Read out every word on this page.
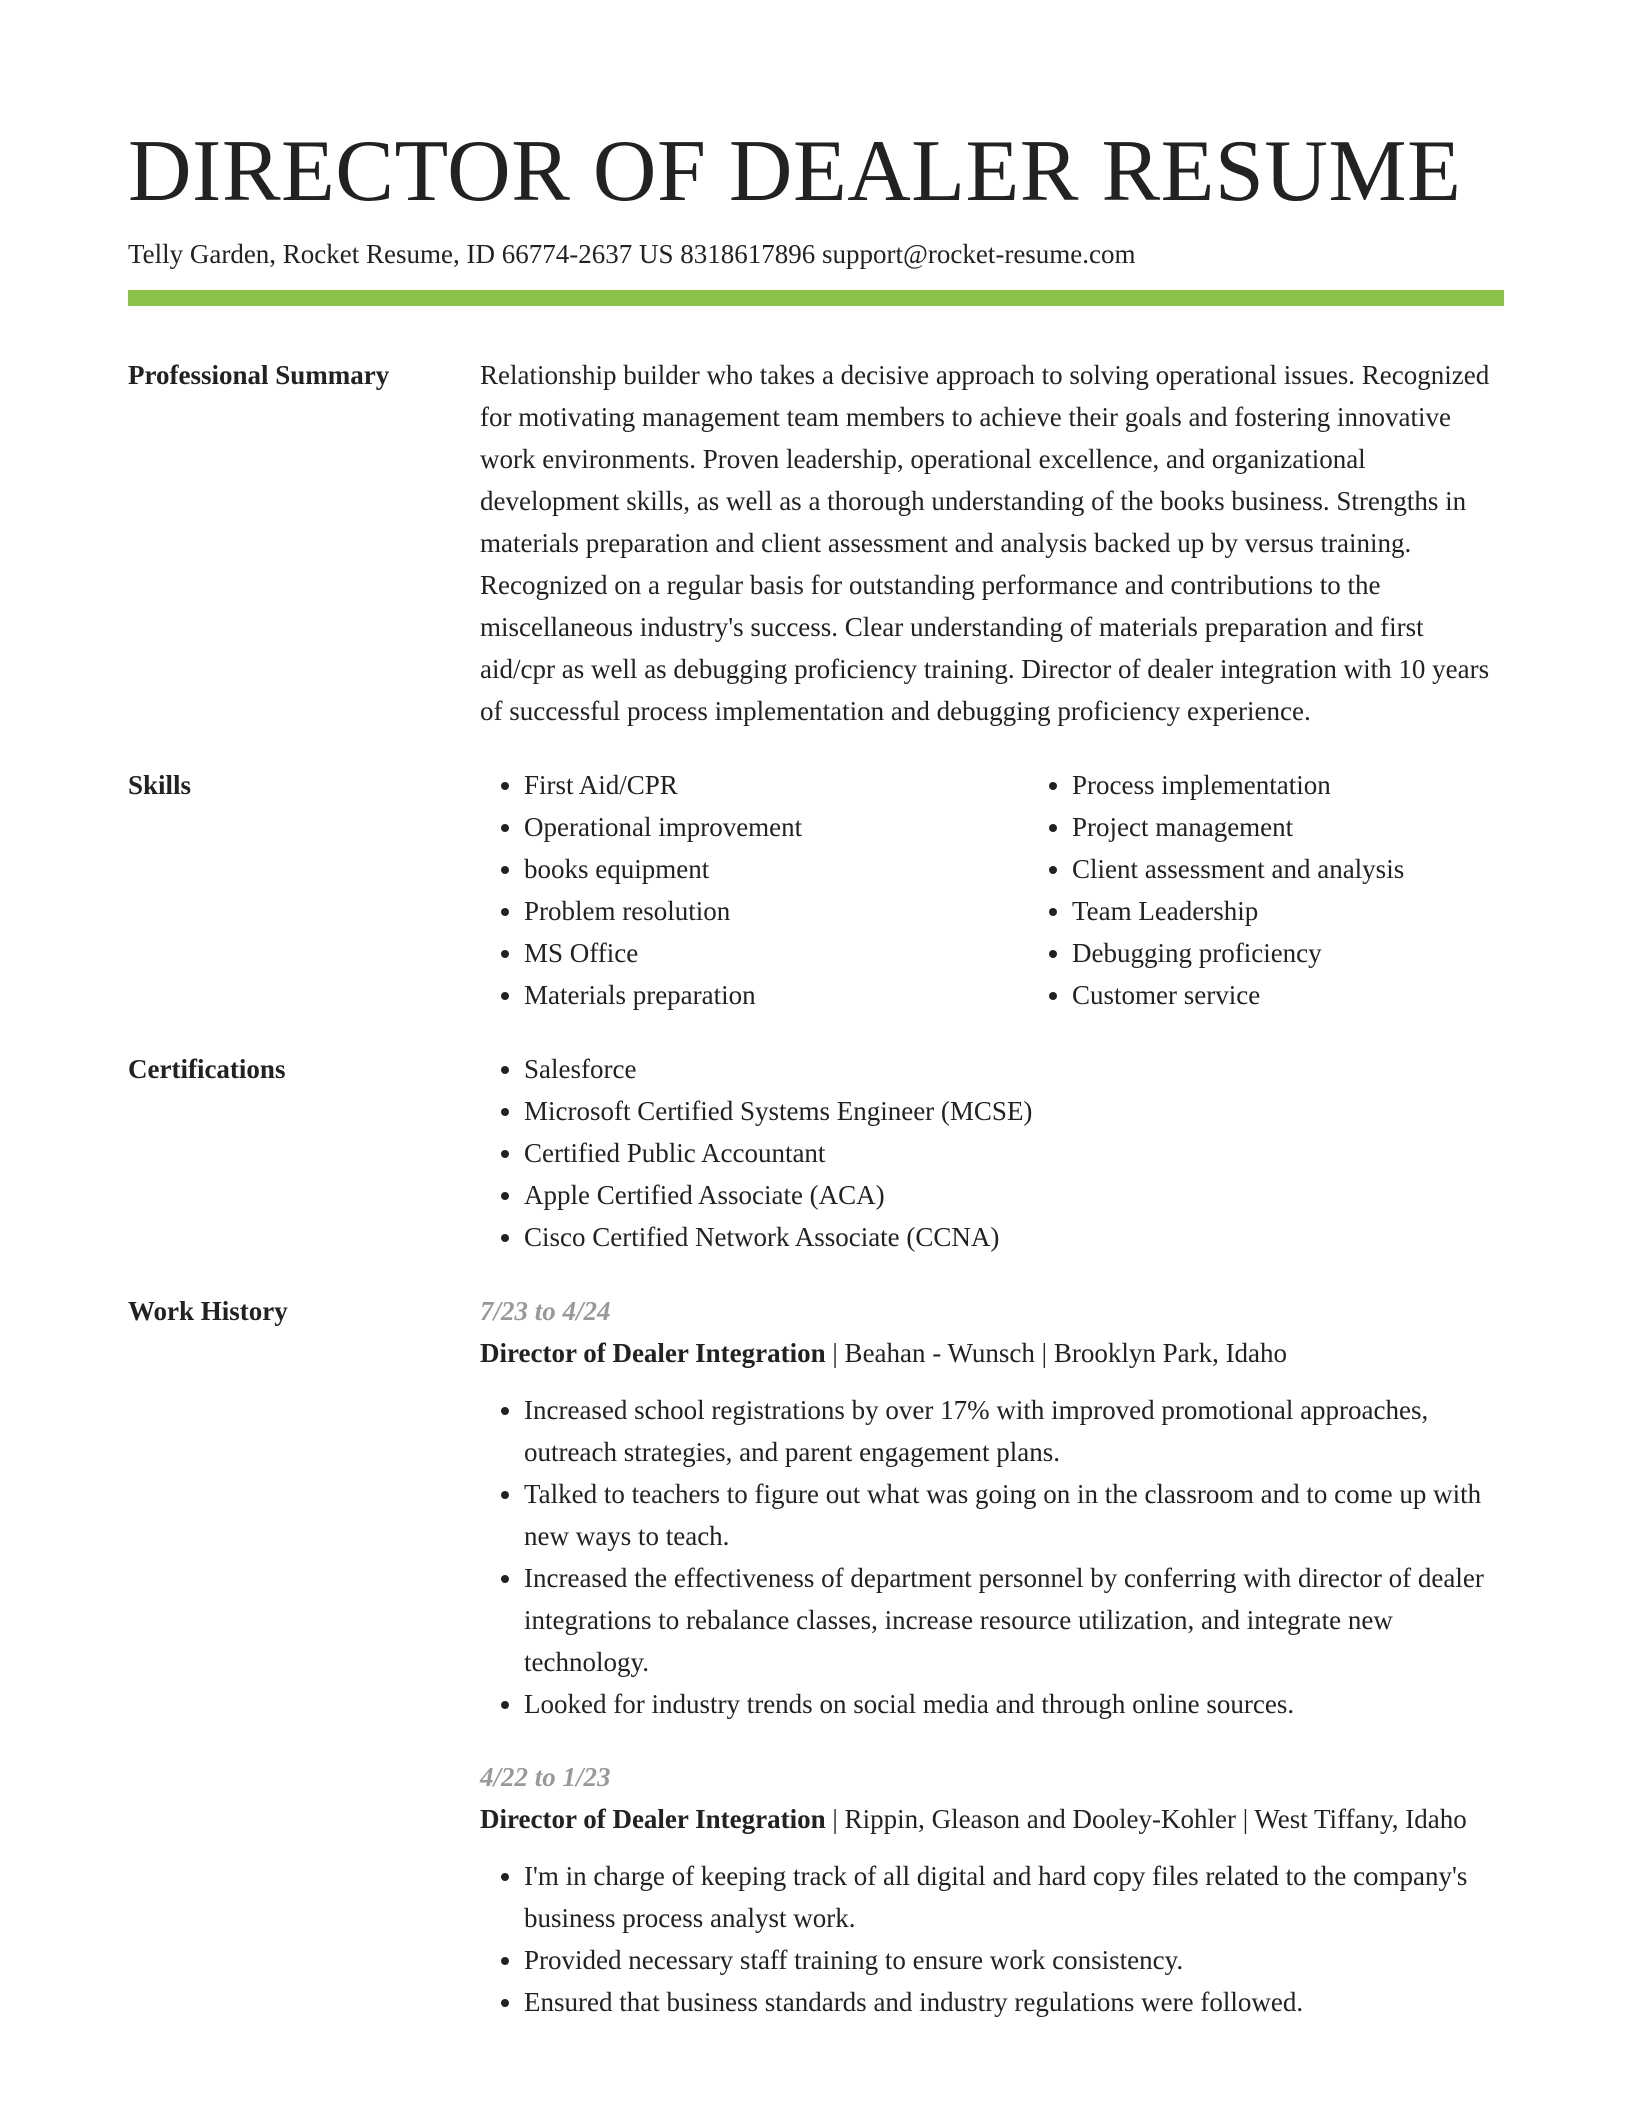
DIRECTOR OF DEALER RESUME
Telly Garden, Rocket Resume, ID 66774-2637 US 8318617896 support@rocket-resume.com
Professional Summary	Relationship builder who takes a decisive approach to solving operational issues. Recognized for motivating management team members to achieve their goals and fostering innovative work environments. Proven leadership, operational excellence, and organizational development skills, as well as a thorough understanding of the books business. Strengths in materials preparation and client assessment and analysis backed up by versus training. Recognized on a regular basis for outstanding performance and contributions to the miscellaneous industry's success. Clear understanding of materials preparation and first aid/cpr as well as debugging proficiency training. Director of dealer integration with 10 years of successful process implementation and debugging proficiency experience.
Skills	• First Aid/CPR
• Operational improvement
• books equipment
• Problem resolution
• MS Office
• Materials preparation
• Process implementation
• Project management
• Client assessment and analysis
• Team Leadership
• Debugging proficiency
• Customer service
Certifications	• Salesforce
• Microsoft Certified Systems Engineer (MCSE)
• Certified Public Accountant
• Apple Certified Associate (ACA)
• Cisco Certified Network Associate (CCNA)
Work History	7/23 to 4/24
Director of Dealer Integration | Beahan - Wunsch | Brooklyn Park, Idaho
• Increased school registrations by over 17% with improved promotional approaches, outreach strategies, and parent engagement plans.
• Talked to teachers to figure out what was going on in the classroom and to come up with new ways to teach.
• Increased the effectiveness of department personnel by conferring with director of dealer integrations to rebalance classes, increase resource utilization, and integrate new technology.
• Looked for industry trends on social media and through online sources.
4/22 to 1/23
Director of Dealer Integration | Rippin, Gleason and Dooley-Kohler | West Tiffany, Idaho
• I'm in charge of keeping track of all digital and hard copy files related to the company's business process analyst work.
• Provided necessary staff training to ensure work consistency.
• Ensured that business standards and industry regulations were followed.
